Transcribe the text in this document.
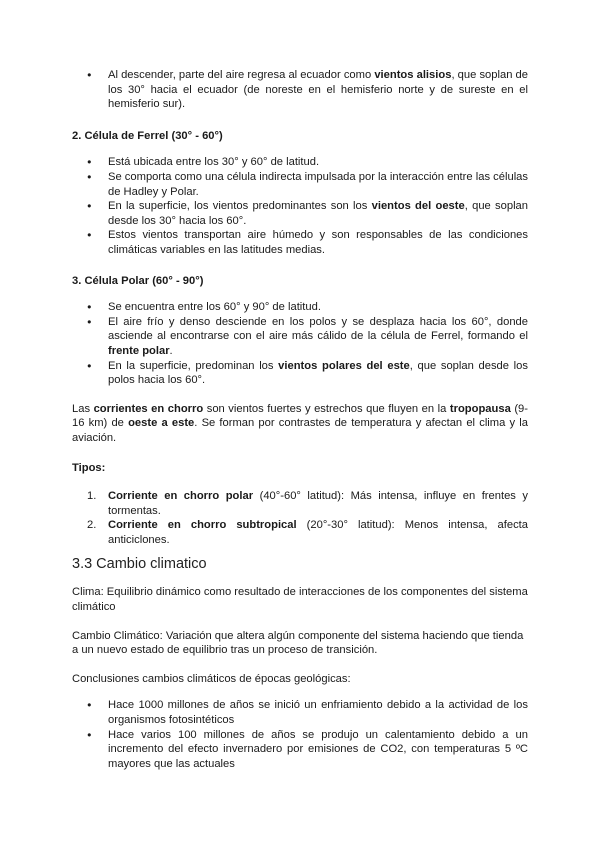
● Al descender, parte del aire regresa al ecuador como vientos alisios, que soplan de los 30° hacia el ecuador (de noreste en el hemisferio norte y de sureste en el hemisferio sur).

2. Célula de Ferrel (30° - 60°)

● Está ubicada entre los 30° y 60° de latitud.
● Se comporta como una célula indirecta impulsada por la interacción entre las células de Hadley y Polar.
● En la superficie, los vientos predominantes son los vientos del oeste, que soplan desde los 30° hacia los 60°.
● Estos vientos transportan aire húmedo y son responsables de las condiciones climáticas variables en las latitudes medias.

3. Célula Polar (60° - 90°)

● Se encuentra entre los 60° y 90° de latitud.
● El aire frío y denso desciende en los polos y se desplaza hacia los 60°, donde asciende al encontrarse con el aire más cálido de la célula de Ferrel, formando el frente polar.
● En la superficie, predominan los vientos polares del este, que soplan desde los polos hacia los 60°.

Las corrientes en chorro son vientos fuertes y estrechos que fluyen en la tropopausa (9-16 km) de oeste a este. Se forman por contrastes de temperatura y afectan el clima y la aviación.

Tipos:

1. Corriente en chorro polar (40°-60° latitud): Más intensa, influye en frentes y tormentas.
2. Corriente en chorro subtropical (20°-30° latitud): Menos intensa, afecta anticiclones.

3.3 Cambio climatico

Clima: Equilibrio dinámico como resultado de interacciones de los componentes del sistema climático

Cambio Climático: Variación que altera algún componente del sistema haciendo que tienda a un nuevo estado de equilibrio tras un proceso de transición.

Conclusiones cambios climáticos de épocas geológicas:

● Hace 1000 millones de años se inició un enfriamiento debido a la actividad de los organismos fotosintéticos
● Hace varios 100 millones de años se produjo un calentamiento debido a un incremento del efecto invernadero por emisiones de CO2, con temperaturas 5 ºC mayores que las actuales
